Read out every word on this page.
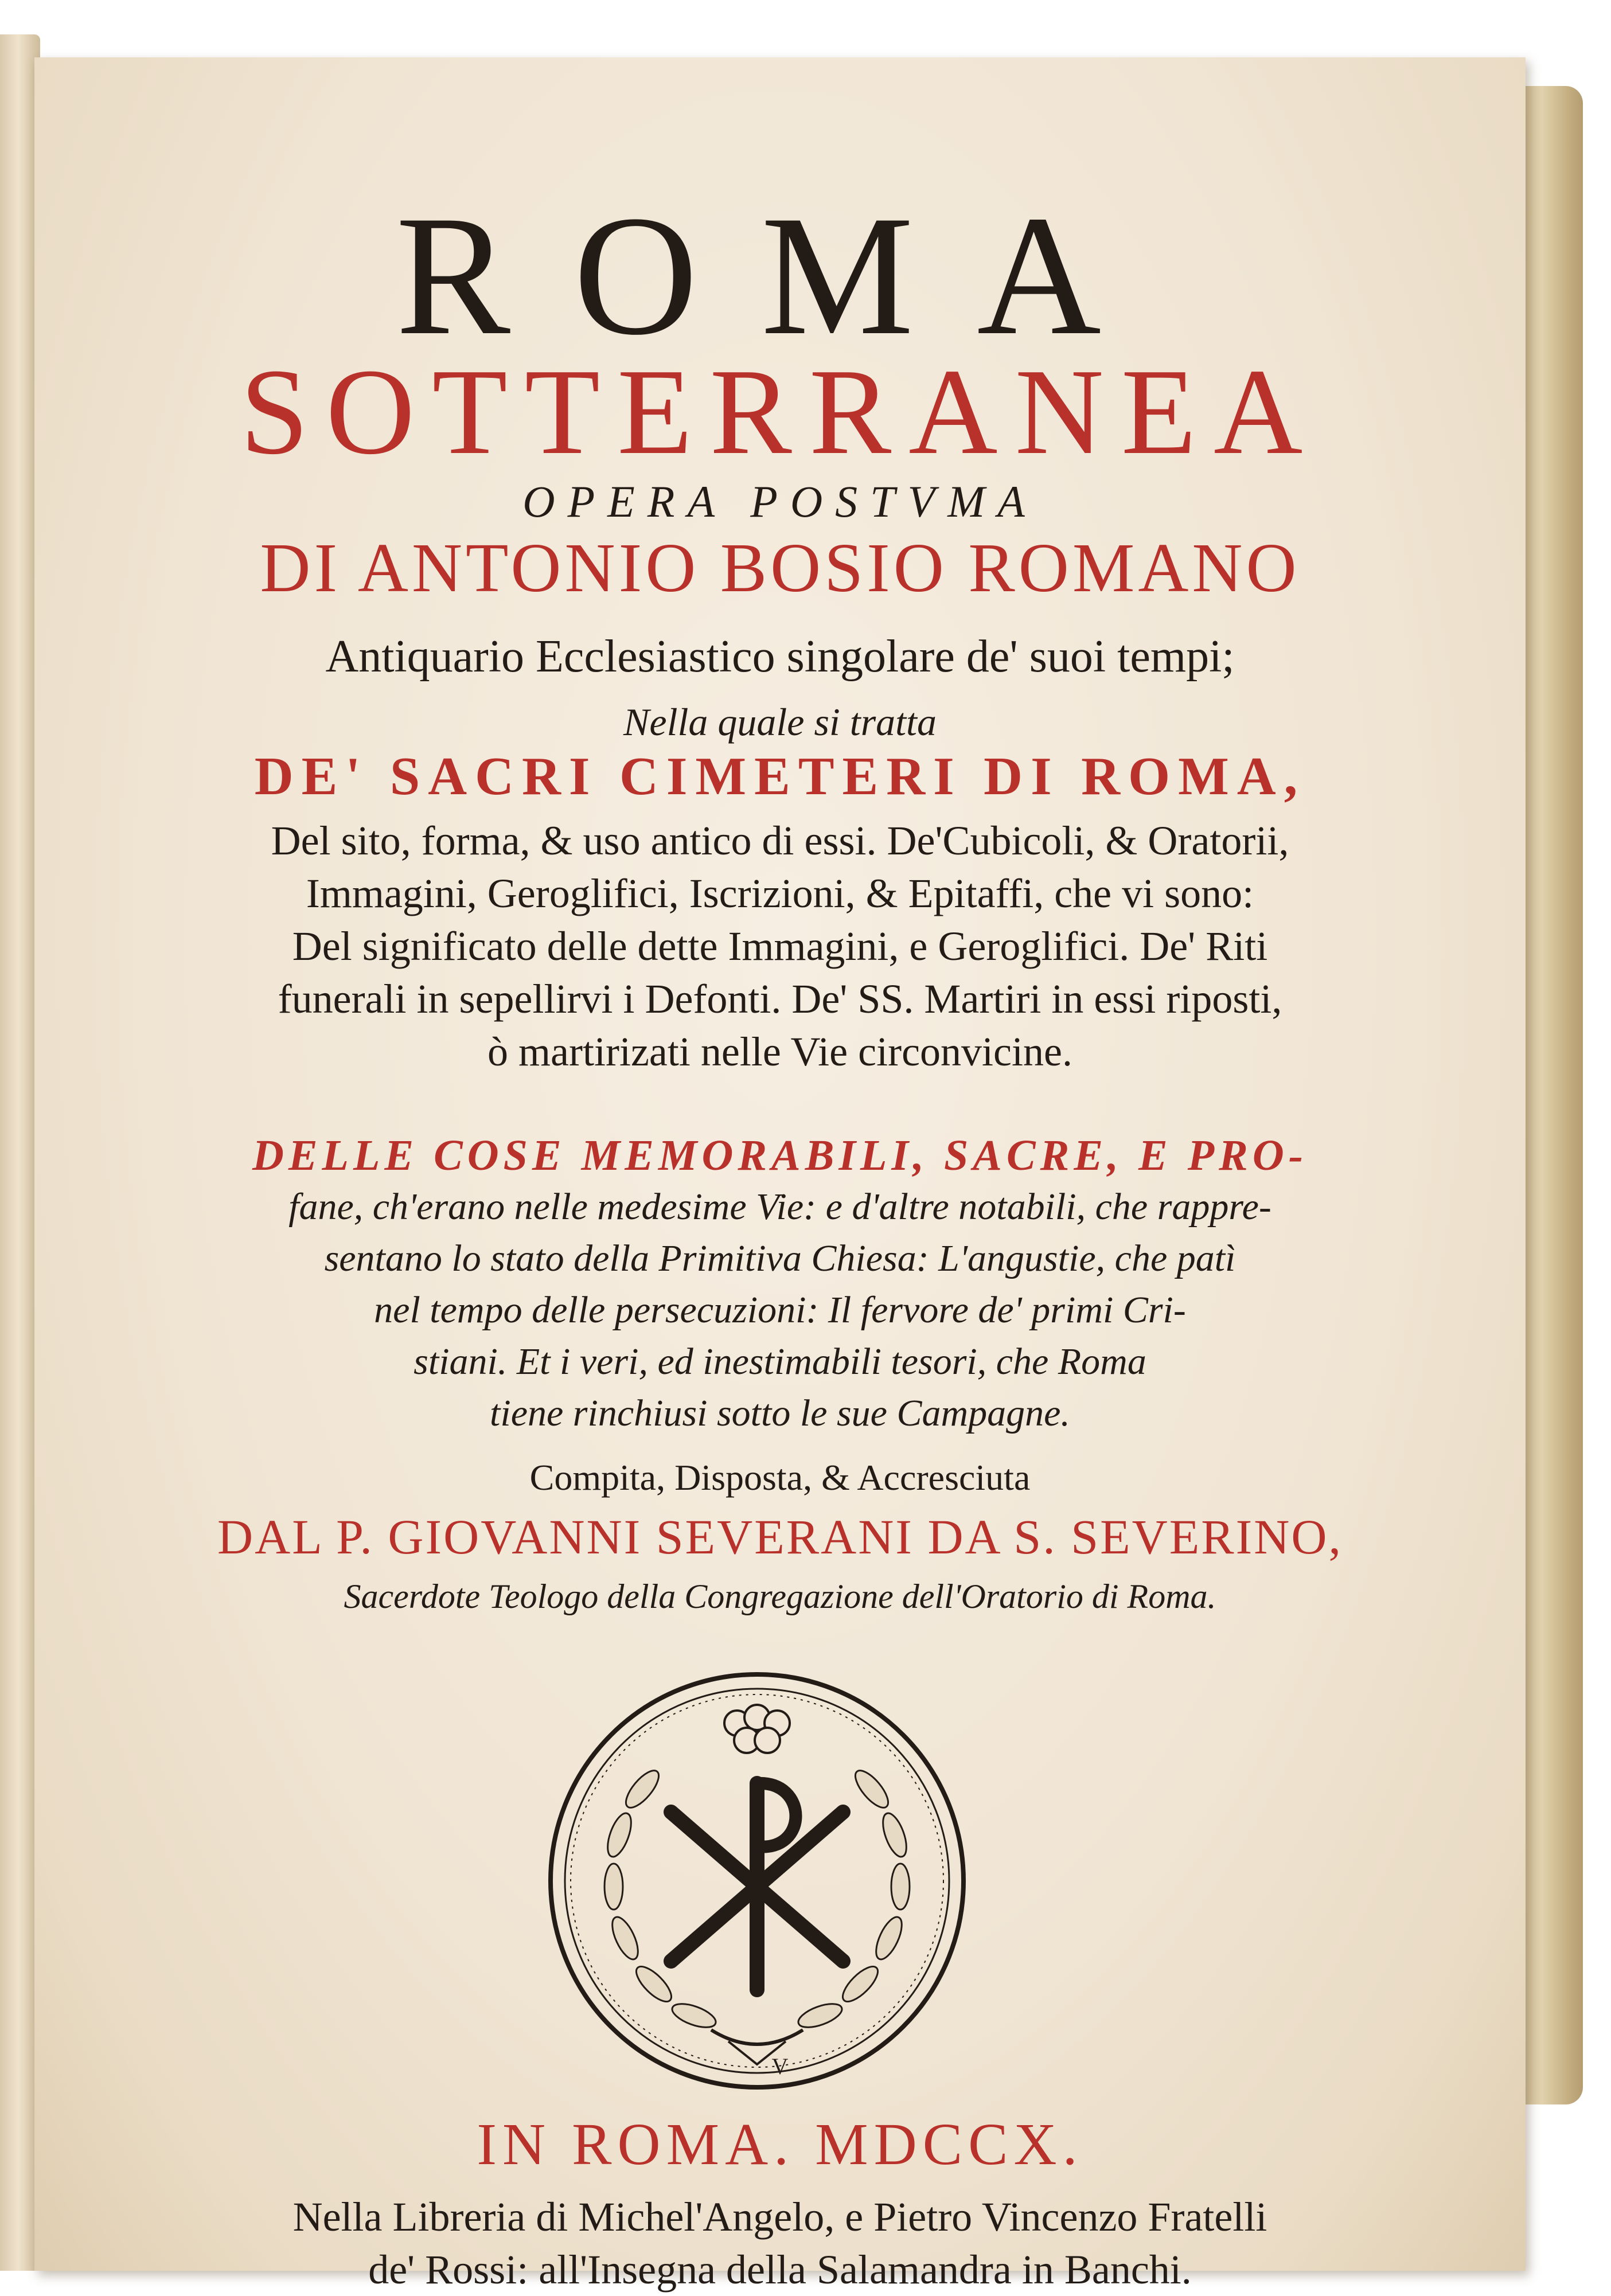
ROMA
SOTTERRANEA
OPERA POSTVMA
DI ANTONIO BOSIO ROMANO
Antiquario Ecclesiastico singolare de' suoi tempi;
Nella quale si tratta
DE' SACRI CIMETERI DI ROMA,
Del sito, forma, & uso antico di essi. De'Cubicoli, & Oratorii,
Immagini, Geroglifici, Iscrizioni, & Epitaffi, che vi sono:
Del significato delle dette Immagini, e Geroglifici. De' Riti
funerali in sepellirvi i Defonti. De' SS. Martiri in essi riposti,
ò martirizati nelle Vie circonvicine.
DELLE COSE MEMORABILI, SACRE, E PRO-
fane, ch'erano nelle medesime Vie: e d'altre notabili, che rappre-
sentano lo stato della Primitiva Chiesa: L'angustie, che patì
nel tempo delle persecuzioni: Il fervore de' primi Cri-
stiani. Et i veri, ed inestimabili tesori, che Roma
tiene rinchiusi sotto le sue Campagne.
Compita, Disposta, & Accresciuta
DAL P. GIOVANNI SEVERANI DA S. SEVERINO,
Sacerdote Teologo della Congregazione dell'Oratorio di Roma.
V
IN ROMA. MDCCX.
Nella Libreria di Michel'Angelo, e Pietro Vincenzo Fratelli
de' Rossi: all'Insegna della Salamandra in Banchi.
